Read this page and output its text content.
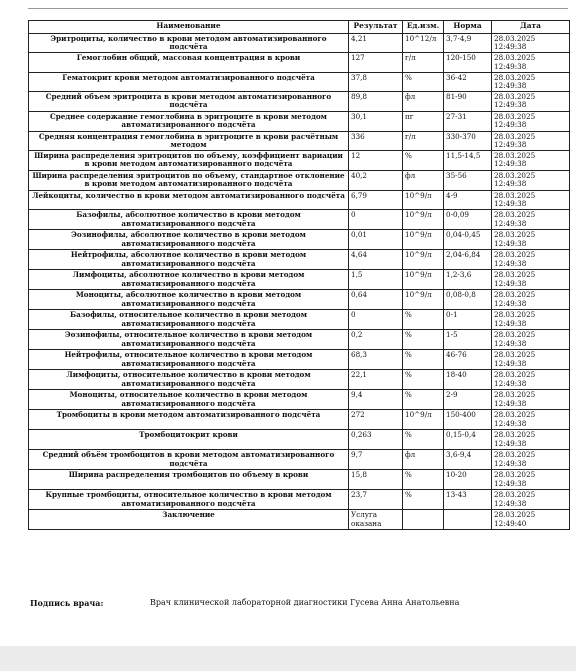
Наименование	Результат	Ед.изм.	Норма	Дата
Эритроциты, количество в крови методом автоматизированного подсчёта	4,21	10^12/л	3,7-4,9	28.03.2025
12:49:38
Гемоглобин общий, массовая концентрация в крови	127	г/л	120-150	28.03.2025
12:49:38
Гематокрит крови методом автоматизированного подсчёта	37,8	%	36-42	28.03.2025
12:49:38
Средний объем эритроцита в крови методом автоматизированного подсчёта	89,8	фл	81-90	28.03.2025
12:49:38
Среднее содержание гемоглобина в эритроците в крови методом автоматизированного подсчёта	30,1	пг	27-31	28.03.2025
12:49:38
Средняя концентрация гемоглобина в эритроците в крови расчётным методом	336	г/л	330-370	28.03.2025
12:49:38
Ширина распределения эритроцитов по объему, коэффициент вариации в крови методом автоматизированного подсчёта	12	%	11,5-14,5	28.03.2025
12:49:38
Ширина распределения эритроцитов по объему, стандартное отклонение в крови методом автоматизированного подсчёта	40,2	фл	35-56	28.03.2025
12:49:38
Лейкоциты, количество в крови методом автоматизированного подсчёта	6,79	10^9/л	4-9	28.03.2025
12:49:38
Базофилы, абсолютное количество в крови методом автоматизированного подсчёта	0	10^9/л	0-0,09	28.03.2025
12:49:38
Эозинофилы, абсолютное количество в крови методом автоматизированного подсчёта	0,01	10^9/л	0,04-0,45	28.03.2025
12:49:38
Нейтрофилы, абсолютное количество в крови методом автоматизированного подсчёта	4,64	10^9/л	2,04-6,84	28.03.2025
12:49:38
Лимфоциты, абсолютное количество в крови методом автоматизированного подсчёта	1,5	10^9/л	1,2-3,6	28.03.2025
12:49:38
Моноциты, абсолютное количество в крови методом автоматизированного подсчёта	0,64	10^9/л	0,08-0,8	28.03.2025
12:49:38
Базофилы, относительное количество в крови методом автоматизированного подсчёта	0	%	0-1	28.03.2025
12:49:38
Эозинофилы, относительное количество в крови методом автоматизированного подсчёта	0,2	%	1-5	28.03.2025
12:49:38
Нейтрофилы, относительное количество в крови методом автоматизированного подсчёта	68,3	%	46-76	28.03.2025
12:49:38
Лимфоциты, относительное количество в крови методом автоматизированного подсчёта	22,1	%	18-40	28.03.2025
12:49:38
Моноциты, относительное количество в крови методом автоматизированного подсчёта	9,4	%	2-9	28.03.2025
12:49:38
Тромбоциты в крови методом автоматизированного подсчёта	272	10^9/л	150-400	28.03.2025
12:49:38
Тромбоцитокрит крови	0,263	%	0,15-0,4	28.03.2025
12:49:38
Средний объём тромбоцитов в крови методом автоматизированного подсчёта	9,7	фл	3,6-9,4	28.03.2025
12:49:38
Ширина распределения тромбоцитов по объему в крови	15,8	%	10-20	28.03.2025
12:49:38
Крупные тромбоциты, относительное количество в крови методом автоматизированного подсчёта	23,7	%	13-43	28.03.2025
12:49:38
Заключение	Услуга оказана			28.03.2025
12:49:40
Подпись врача:	Врач клинической лабораторной диагностики Гусева Анна Анатольевна
